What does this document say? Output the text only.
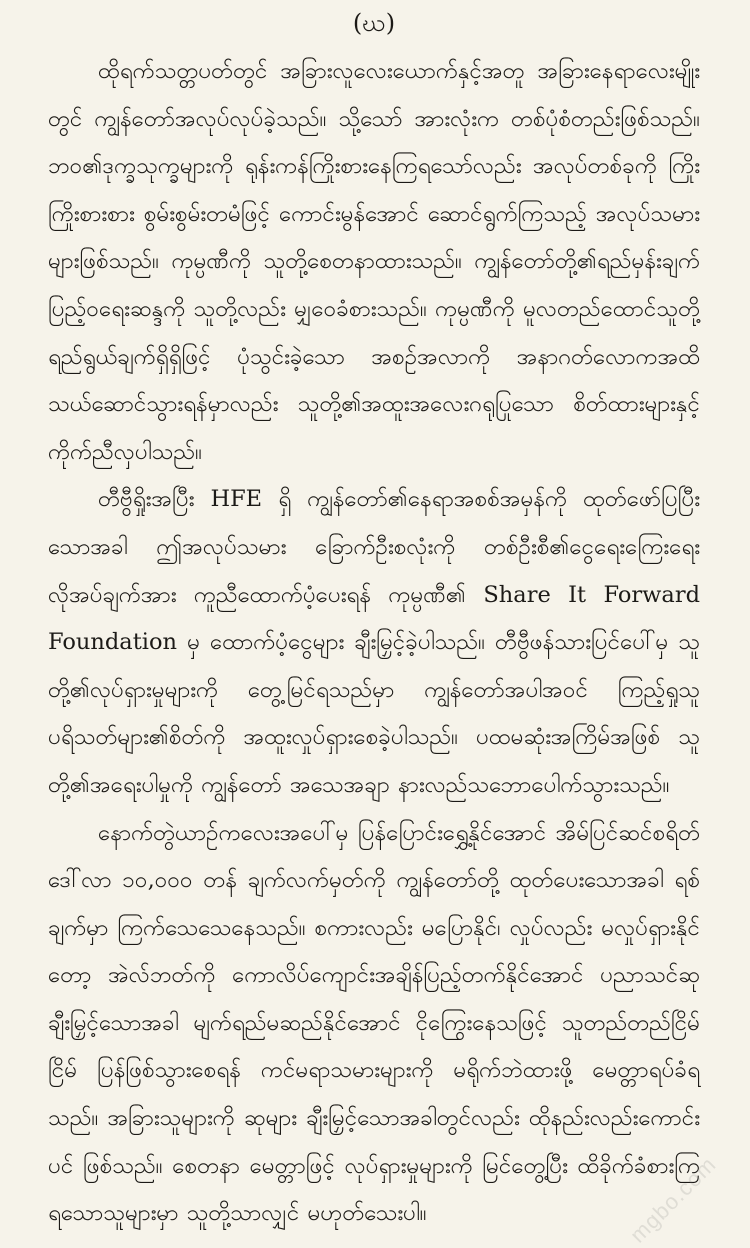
(ဃ)

ထိုရက်သတ္တပတ်တွင် အခြားလူလေးယောက်နှင့်အတူ အခြားနေရာလေးမျိုးတွင် ကျွန်တော်အလုပ်လုပ်ခဲ့သည်။ သို့သော် အားလုံးက တစ်ပုံစံတည်းဖြစ်သည်။ ဘ၀၏ဒုက္ခသုက္ခများကို ရုန်းကန်ကြိုးစားနေကြရသော်လည်း အလုပ်တစ်ခုကို ကြိုးကြိုးစားစား စွမ်းစွမ်းတမံဖြင့် ကောင်းမွန်အောင် ဆောင်ရွက်ကြသည့် အလုပ်သမားများဖြစ်သည်။ ကုမ္ပဏီကို သူတို့စေတနာထားသည်။ ကျွန်တော်တို့၏ရည်မှန်းချက် ပြည့်ဝရေးဆန္ဒကို သူတို့လည်း မျှဝေခံစားသည်။ ကုမ္ပဏီကို မူလတည်ထောင်သူတို့ ရည်ရွယ်ချက်ရှိရှိဖြင့် ပုံသွင်းခဲ့သော အစဉ်အလာကို အနာဂတ်လောကအထိ သယ်ဆောင်သွားရန်မှာလည်း သူတို့၏အထူးအလေးဂရုပြုသော စိတ်ထားများနှင့် ကိုက်ညီလှပါသည်။

တီဗွီရှိုးအပြီး HFE ရှိ ကျွန်တော်၏နေရာအစစ်အမှန်ကို ထုတ်ဖော်ပြပြီးသောအခါ ဤအလုပ်သမား ခြောက်ဦးစလုံးကို တစ်ဦးစီ၏ငွေရေးကြေးရေး လိုအပ်ချက်အား ကူညီထောက်ပံ့ပေးရန် ကုမ္ပဏီ၏ Share It Forward Foundation မှ ထောက်ပံ့ငွေများ ချီးမြှင့်ခဲ့ပါသည်။ တီဗွီဖန်သားပြင်ပေါ်မှ သူတို့၏လုပ်ရှားမှုများကို တွေ့မြင်ရသည်မှာ ကျွန်တော်အပါအဝင် ကြည့်ရှုသူ ပရိသတ်များ၏စိတ်ကို အထူးလှုပ်ရှားစေခဲ့ပါသည်။ ပထမဆုံးအကြိမ်အဖြစ် သူတို့၏အရေးပါမှုကို ကျွန်တော် အသေအချာ နားလည်သဘောပေါက်သွားသည်။

နောက်တွဲယာဉ်ကလေးအပေါ်မှ ပြန်ပြောင်းရွှေ့နိုင်အောင် အိမ်ပြင်ဆင်စရိတ် ဒေါ်လာ ၁၀,၀၀၀ တန် ချက်လက်မှတ်ကို ကျွန်တော်တို့ ထုတ်ပေးသောအခါ ရစ်ချက်မှာ ကြက်သေသေနေသည်။ စကားလည်း မပြောနိုင်၊ လှုပ်လည်း မလှုပ်ရှားနိုင်တော့ အဲလ်ဘတ်ကို ကောလိပ်ကျောင်းအချိန်ပြည့်တက်နိုင်အောင် ပညာသင်ဆုချီးမြှင့်သောအခါ မျက်ရည်မဆည်နိုင်အောင် ငိုကြွေးနေသဖြင့် သူတည်တည်ငြိမ်ငြိမ် ပြန်ဖြစ်သွားစေရန် ကင်မရာသမားများကို မရိုက်ဘဲထားဖို့ မေတ္တာရပ်ခံရသည်။ အခြားသူများကို ဆုများ ချီးမြှင့်သောအခါတွင်လည်း ထိုနည်းလည်းကောင်းပင် ဖြစ်သည်။ စေတနာ မေတ္တာဖြင့် လုပ်ရှားမှုများကို မြင်တွေ့ပြီး ထိခိုက်ခံစားကြရသောသူများမှာ သူတို့သာလျှင် မဟုတ်သေးပါ။	mgbo.com
